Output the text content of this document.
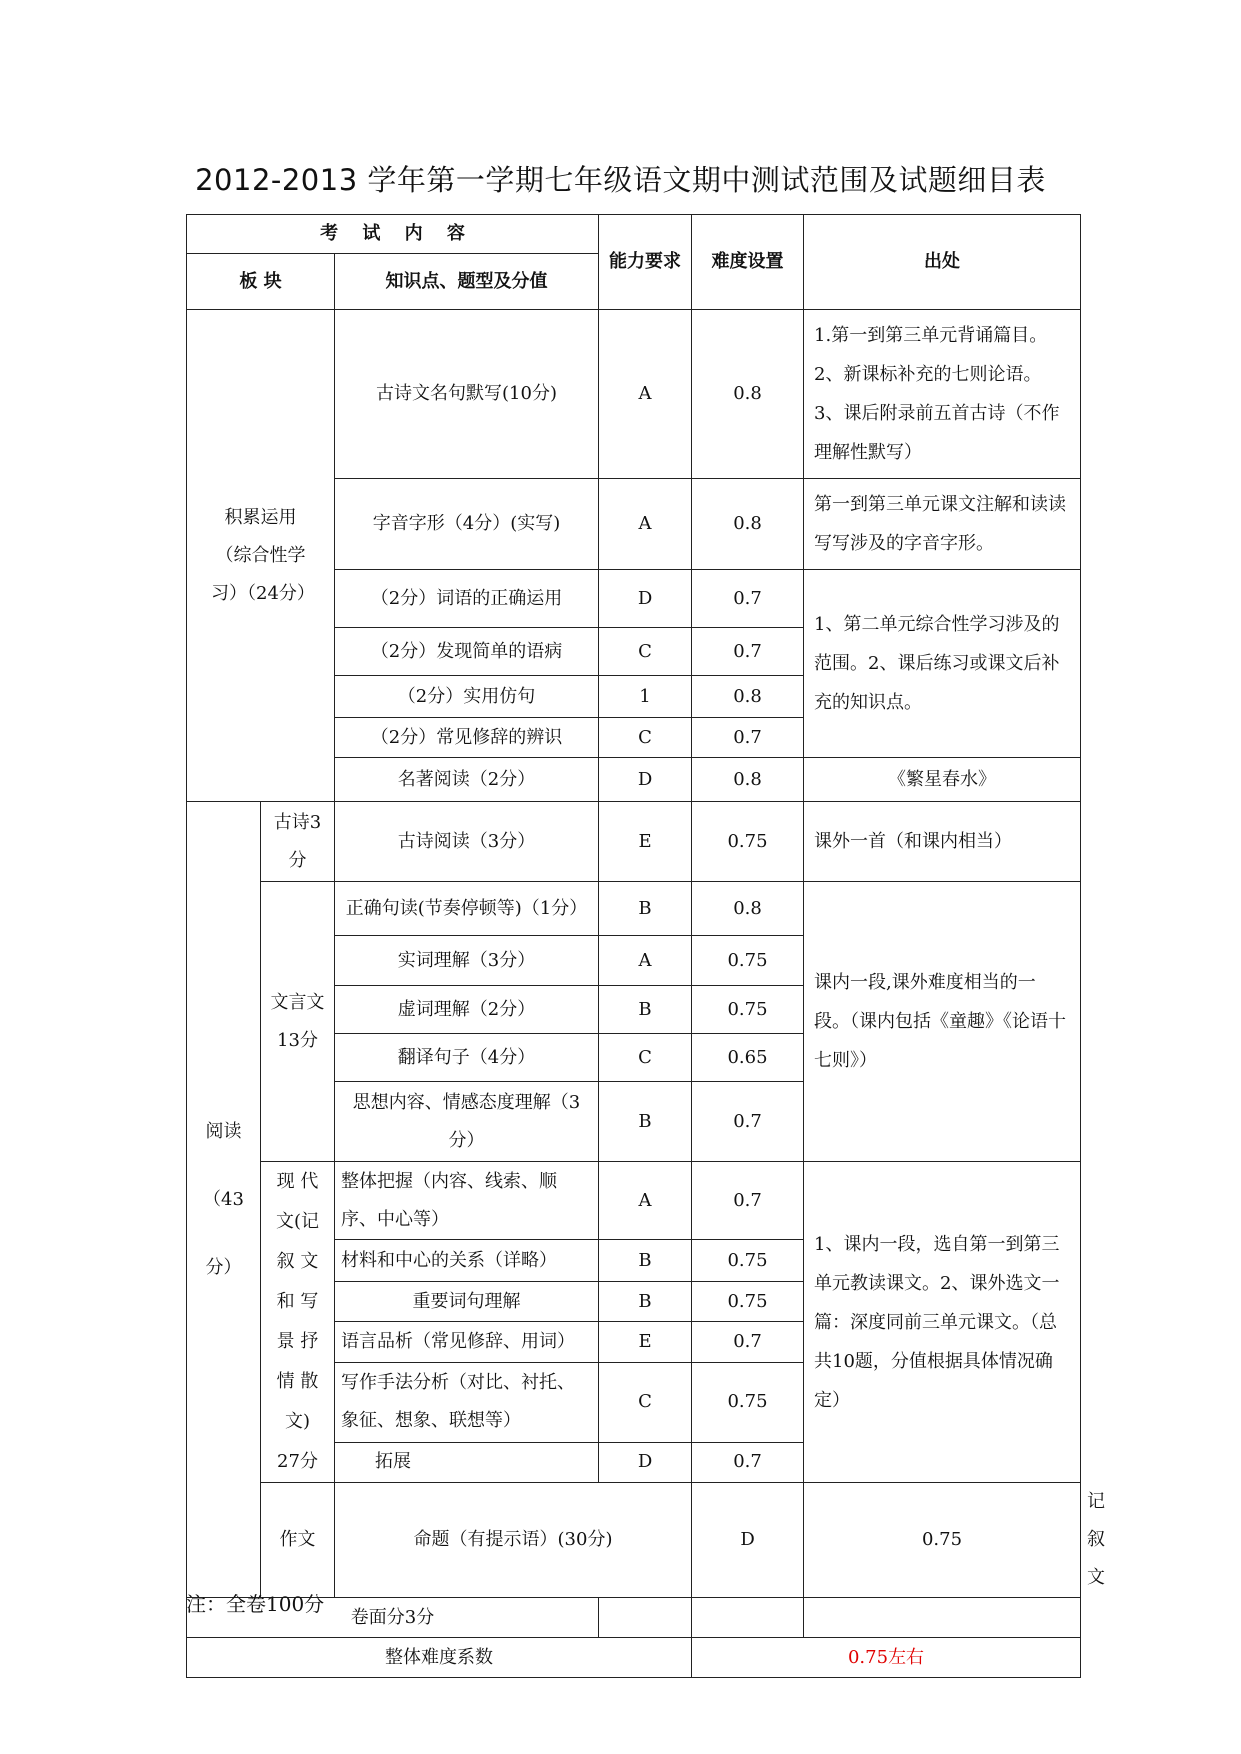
2012-2013 学年第一学期七年级语文期中测试范围及试题细目表
考 试 内 容			能力要求	难度设置	出处	
板 块		知识点、题型及分值				
积累运用（综合性学习）（24分）		古诗文名句默写(10分)	A	0.8	1.第一到第三单元背诵篇目。2、新课标补充的七则论语。3、课后附录前五首古诗（不作理解性默写）	
		字音字形（4分）(实写)	A	0.8	第一到第三单元课文注解和读读写写涉及的字音字形。	
		（2分）词语的正确运用	D	0.7	1、第二单元综合性学习涉及的范围。2、课后练习或课文后补充的知识点。	
		（2分）发现简单的语病	C	0.7		
		（2分）实用仿句	1	0.8		
		（2分）常见修辞的辨识	C	0.7		
		名著阅读（2分）	D	0.8	《繁星春水》	
阅读（43分）	古诗3分	古诗阅读（3分）	E	0.75	课外一首（和课内相当）	
	文言文13分	正确句读(节奏停顿等)（1分）	B	0.8	课内一段,课外难度相当的一段。（课内包括《童趣》《论语十七则》）	
		实词理解（3分）	A	0.75		
		虚词理解（2分）	B	0.75		
		翻译句子（4分）	C	0.65		
		思想内容、情感态度理解（3分）	B	0.7		
	现 代 文(记 叙 文 和 写 景 抒 情 散 文) 27分	整体把握（内容、线索、顺序、中心等）	A	0.7	1、课内一段，选自第一到第三单元教读课文。2、课外选文一篇：深度同前三单元课文。（总共10题，分值根据具体情况确定）	
		材料和中心的关系（详略）	B	0.75		
		重要词句理解	B	0.75		
		语言品析（常见修辞、用词）	E	0.7		
		写作手法分析（对比、衬托、象征、想象、联想等）	C	0.75		
		拓展	D	0.7		
	作文	命题（有提示语）(30分)		D	0.75	记叙文
卷面分3分						
整体难度系数				0.75左右		
注：全卷100分
